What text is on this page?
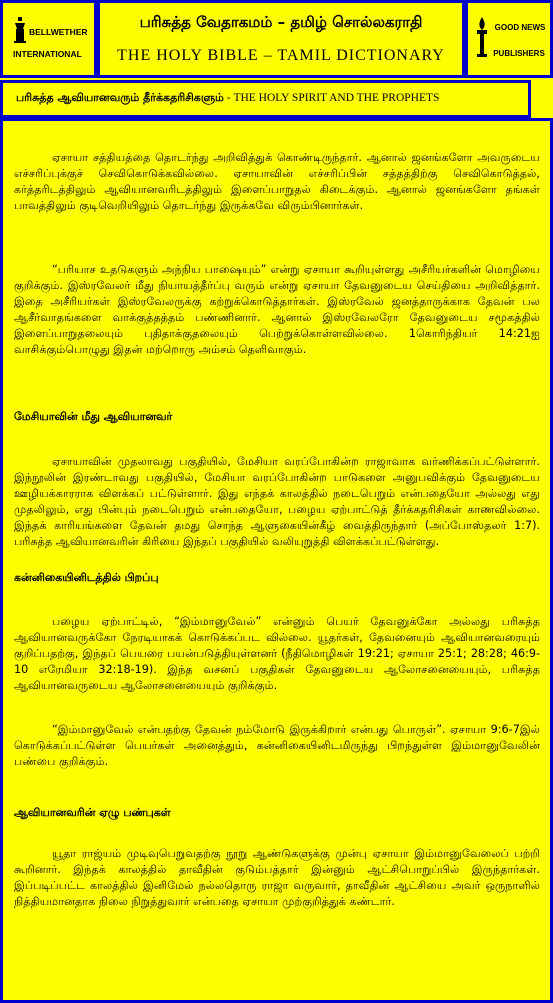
BELLWETHER
INTERNATIONAL
பரிசுத்த வேதாகமம் – தமிழ் சொல்லகராதி
THE HOLY BIBLE – TAMIL DICTIONARY
GOOD NEWS
PUBLISHERS
பரிசுத்த ஆவியானவரும் தீர்க்கதரிசிகளும் - THE HOLY SPIRIT AND THE PROPHETS

ஏசாயா சத்தியத்தை தொடர்ந்து அறிவித்துக் கொண்டிருந்தார். ஆனால் ஜனங்களோ அவருடைய எச்சரிப்புக்குச் செவிகொடுக்கவில்லை. ஏசாயாவின் எச்சரிப்பின் சத்தத்திற்கு செவிகொடுத்தல், கர்த்தரிடத்திலும் ஆவியானவரிடத்திலும் இளைப்பாறுதல் கிடைக்கும். ஆனால் ஜனங்களோ தங்கள் பாவத்திலும் குடிவெறியிலும் தொடர்ந்து இருக்கவே விரும்பினார்கள்.

“பரியாச உதடுகளும் அந்நிய பாஷையும்” என்று ஏசாயா கூறியுள்ளது அசீரியர்களின் மொழியை குறிக்கும். இஸ்ரவேலர் மீது நியாயத்தீர்ப்பு வரும் என்று ஏசாயா தேவனுடைய செய்தியை அறிவித்தார். இதை அசீரியர்கள் இஸ்ரவேலருக்கு கற்றுக்கொடுத்தார்கள். இஸ்ரவேல் ஜனத்தாருக்காக தேவன் பல ஆசீர்வாதங்களை வாக்குத்தத்தம் பண்ணினார். ஆனால் இஸ்ரவேலரோ தேவனுடைய சமூகத்தில் இளைப்பாறுதலையும் புதிதாக்குதலையும் பெற்றுக்கொள்ளவில்லை. 1கொரிந்தியர் 14:21ஐ வாசிக்கும்பொழுது இதன் மற்றொரு அம்சம் தெளிவாகும்.

மேசியாவின் மீது ஆவியானவர்

ஏசாயாவின் முதலாவது பகுதியில், மேசியா வரப்போகின்ற ராஜாவாக வர்ணிக்கப்பட்டுள்ளார். இந்நூலின் இரண்டாவது பகுதியில், மேசியா வரப்போகின்ற பாடுகளை அனுபவிக்கும் தேவனுடைய ஊழியக்காரராக விளக்கப் பட்டுள்ளார். இது எந்தக் காலத்தில் நடைபெறும் என்பதையோ அல்லது எது முதலிலும், எது பின்பும் நடைபெறும் என்பதையோ, பழைய ஏற்பாட்டுத் தீர்க்கதரிசிகள் காணவில்லை. இந்தக் காரியங்களை தேவன் தமது சொந்த ஆளுகையின்கீழ் வைத்திருந்தார் (அப்போஸ்தலர் 1:7). பரிசுத்த ஆவியானவரின் கிரியை இந்தப் பகுதியில் வலியுறுத்தி விளக்கப்பட்டுள்ளது.

கன்னிகையினிடத்தில் பிறப்பு

பழைய ஏற்பாட்டில், “இம்மானுவேல்” என்னும் பெயர் தேவனுக்கோ அல்லது பரிசுத்த ஆவியானவருக்கோ நேரடியாகக் கொடுக்கப்பட வில்லை. யூதர்கள், தேவனையும் ஆவியானவரையும் குறிப்பதற்கு, இந்தப் பெயரை பயன்படுத்தியுள்ளனர் (நீதிமொழிகள் 19:21; ஏசாயா 25:1; 28:28; 46:9-10 எரேமியா 32:18-19). இந்த வசனப் பகுதிகள் தேவனுடைய ஆலோசனையையும், பரிசுத்த ஆவியானவருடைய ஆலோசனையையும் குறிக்கும்.

“இம்மானுவேல் என்பதற்கு தேவன் நம்மோடு இருக்கிறார் என்பது பொருள்”. ஏசாயா 9:6-7இல் கொடுக்கப்பட்டுள்ள பெயர்கள் அனைத்தும், கன்னிகையினிடமிருந்து பிறந்துள்ள இம்மானுவேலின் பண்பை குறிக்கும்.

ஆவியானவரின் ஏழு பண்புகள்

யூதா ராஜ்யம் முடிவுபெறுவதற்கு நூறு ஆண்டுகளுக்கு முன்பு ஏசாயா இம்மானுவேலைப் பற்றி கூறினார். இந்தக் காலத்தில் தாவீதின் குடும்பத்தார் இன்னும் ஆட்சிபொறுப்பில் இருந்தார்கள். இப்படிப்பட்ட காலத்தில் இனிமேல் நல்லதொரு ராஜா வருவார், தாவீதின் ஆட்சியை அவர் ஒருநாளில் நித்தியமானதாக நிலை நிறுத்துவார் என்பதை ஏசாயா முற்குறித்துக் கண்டார்.
